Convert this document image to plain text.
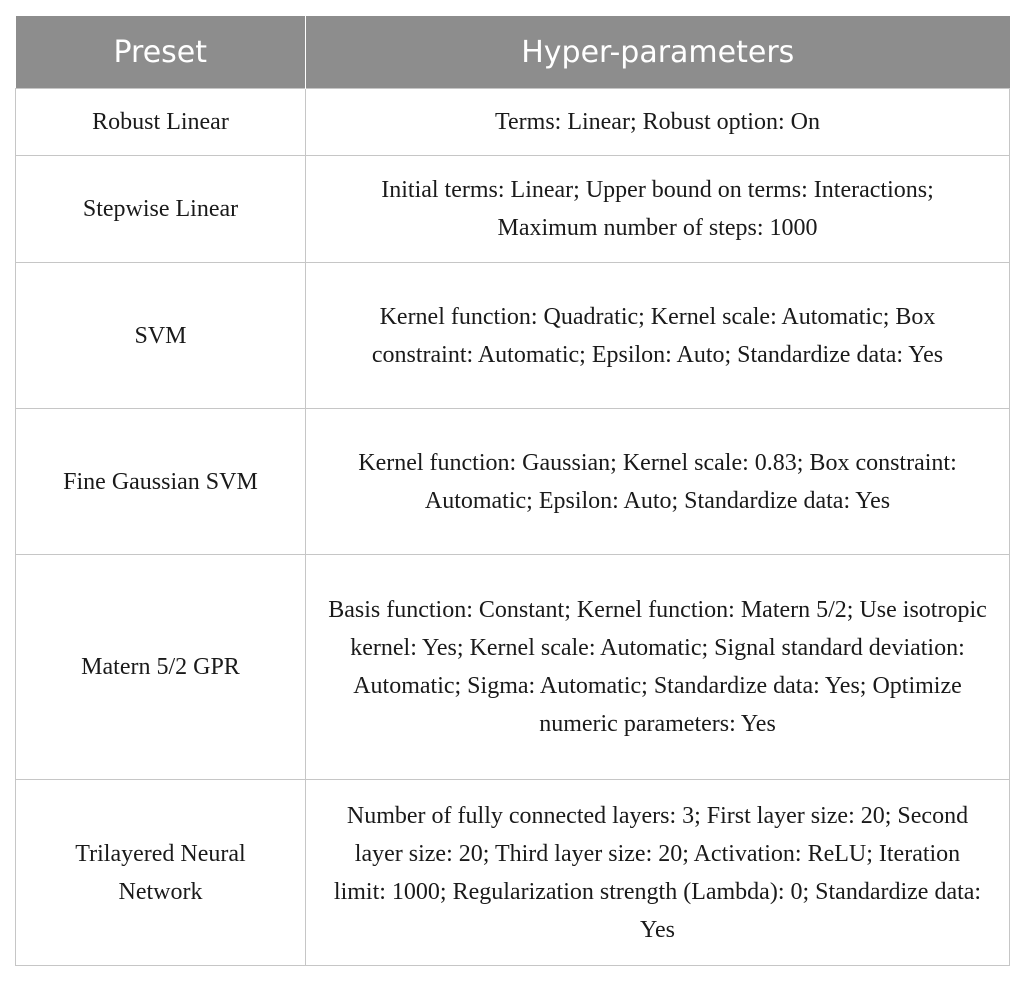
Preset	Hyper-parameters
Robust Linear	Terms: Linear; Robust option: On
Stepwise Linear	Initial terms: Linear; Upper bound on terms: Interactions; Maximum number of steps: 1000
SVM	Kernel function: Quadratic; Kernel scale: Automatic; Box constraint: Automatic; Epsilon: Auto; Standardize data: Yes
Fine Gaussian SVM	Kernel function: Gaussian; Kernel scale: 0.83; Box constraint: Automatic; Epsilon: Auto; Standardize data: Yes
Matern 5/2 GPR	Basis function: Constant; Kernel function: Matern 5/2; Use isotropic kernel: Yes; Kernel scale: Automatic; Signal standard deviation: Automatic; Sigma: Automatic; Standardize data: Yes; Optimize numeric parameters: Yes
Trilayered Neural Network	Number of fully connected layers: 3; First layer size: 20; Second layer size: 20; Third layer size: 20; Activation: ReLU; Iteration limit: 1000; Regularization strength (Lambda): 0; Standardize data: Yes
